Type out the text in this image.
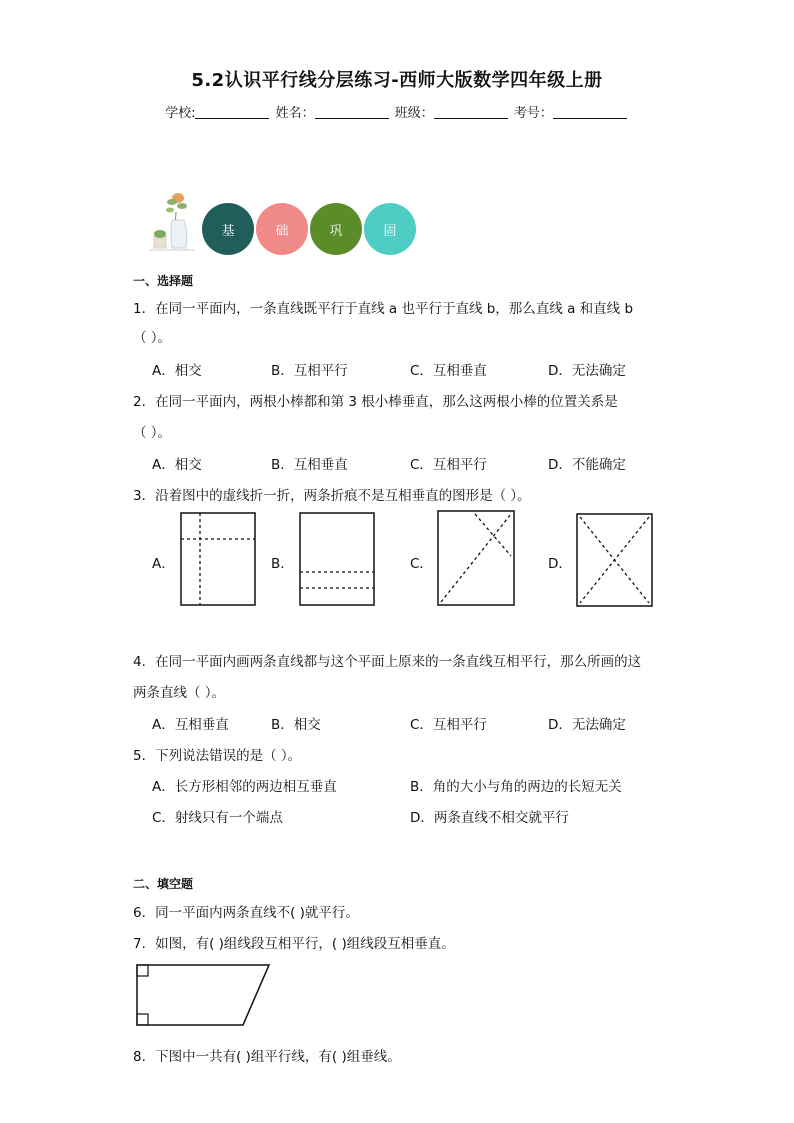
5.2认识平行线分层练习-西师大版数学四年级上册
学校:	姓名：	班级：	考号：
基	础	巩	固
一、选择题
1．在同一平面内，一条直线既平行于直线 a 也平行于直线 b，那么直线 a 和直线 b
（ ）。
A．相交	B．互相平行	C．互相垂直	D．无法确定
2．在同一平面内，两根小棒都和第 3 根小棒垂直，那么这两根小棒的位置关系是
（ ）。
A．相交	B．互相垂直	C．互相平行	D．不能确定
3．沿着图中的虚线折一折，两条折痕不是互相垂直的图形是（ ）。
A．	B．	C．	D．
4．在同一平面内画两条直线都与这个平面上原来的一条直线互相平行，那么所画的这
两条直线（ ）。
A．互相垂直	B．相交	C．互相平行	D．无法确定
5．下列说法错误的是（ ）。
A．长方形相邻的两边相互垂直	B．角的大小与角的两边的长短无关
C．射线只有一个端点	D．两条直线不相交就平行
二、填空题
6．同一平面内两条直线不( )就平行。
7．如图，有( )组线段互相平行，( )组线段互相垂直。
8．下图中一共有( )组平行线，有( )组垂线。
